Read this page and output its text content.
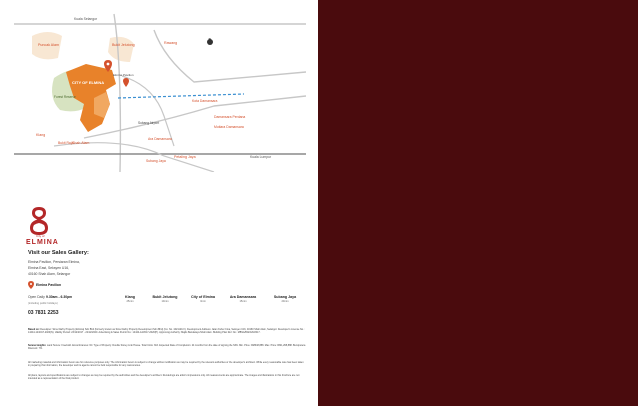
Kuala Selangor
Rawang
Puncak Alam	Bukit Jelutong
CITY OF ELMINA
Elmina Pavilion
Forest Reserve
Shah Alam
Kota Damansara
Subang Airport
Damansara Perdana
Mutiara Damansara
Ara Damansara
Petaling Jaya
Subang Jaya
Klang
Bukit Raja
Kuala Lumpur
N
City of
ELMINA
Visit our Sales Gallery:
Elmina Pavilion, Persiaran Elmina,
Elmina East, Seksyen U16,
40160 Shah Alam, Selangor
Elmina Pavilion
Open Daily 9.30am - 6.30pm
(including public holidays)
03 7831 2253
Klang
25min
Bukit Jelutong
10min
City of Elmina
0min
Ara Damansara
15min
Subang Jaya
20min
Based on: Developer: Sime Darby Property (Elmina) Sdn Bhd (formerly known as Sime Darby Property Development Sdn Bhd) (Co. No. 1021120-V). Development Address: Jalan Kubur Cina, Seksyen U16, 40160 Shah Alam, Selangor. Developer's License No.: 14444-12/2017-2020(N). Validity Period: 23/12/2017 - 22/12/2020. Advertising & Sales Permit No.: 14444-12/2017-2020(P). Approving Authority: Majlis Bandaraya Shah Alam. Building Plan Ref. No.: MBSA/BGN/20/2017.
Serene Heights: Land Tenure: Freehold. Encumbrances: Nil. Type of Property: Double Storey Link House. Total Units: 316. Expected Date of Completion: 24 months from the date of signing the SPA. Min. Price: RM648,888. Max. Price: RM1,268,888. Bumiputera Discount: 7%.
All marketing material and information herein are for reference purposes only. The information herein is subject to change without notification as may be required by the relevant authorities or the developer's architect. While every reasonable care has been taken in preparing this information, the developer and its agents cannot be held responsible for any inaccuracies.
All plans, layouts and specifications are subject to changes as may be required by the authorities and the developer's architect. Renderings are artist's impressions only. All measurements are approximate. The images and illustrations in this brochure are not intended as a representation of the final product.
